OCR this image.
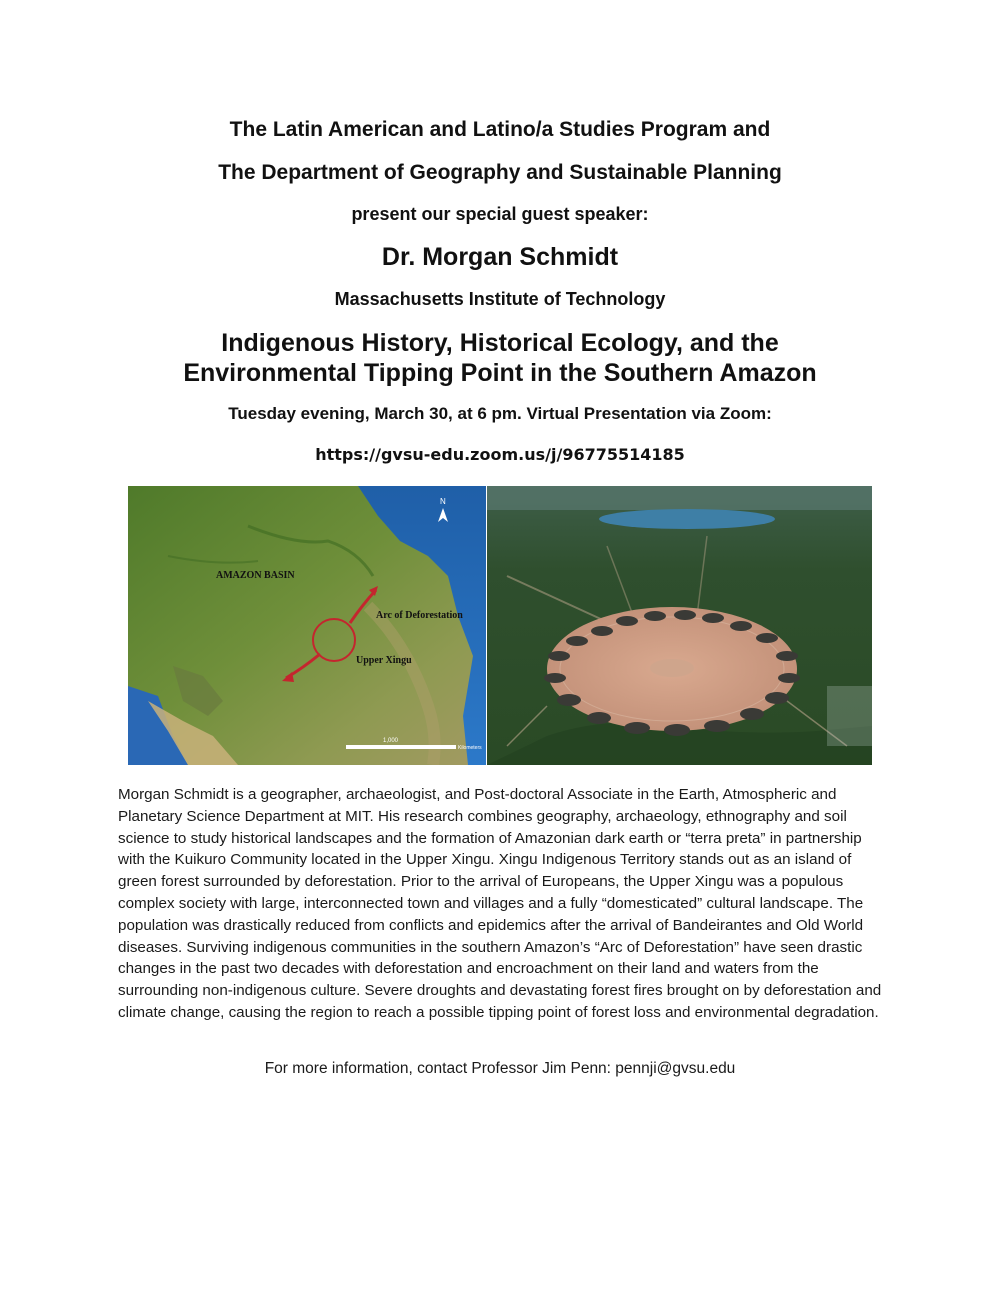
The Latin American and Latino/a Studies Program and
The Department of Geography and Sustainable Planning
present our special guest speaker:
Dr. Morgan Schmidt
Massachusetts Institute of Technology
Indigenous History, Historical Ecology, and the
Environmental Tipping Point in the Southern Amazon
Tuesday evening, March 30, at 6 pm. Virtual Presentation via Zoom:
https://gvsu-edu.zoom.us/j/96775514185
AMAZON BASIN
Arc of Deforestation
Upper Xingu
N
1,000
Kilometers
Morgan Schmidt is a geographer, archaeologist, and Post-doctoral Associate in the Earth, Atmospheric and Planetary Science Department at MIT. His research combines geography, archaeology, ethnography and soil science to study historical landscapes and the formation of Amazonian dark earth or “terra preta” in partnership with the Kuikuro Community located in the Upper Xingu. Xingu Indigenous Territory stands out as an island of green forest surrounded by deforestation. Prior to the arrival of Europeans, the Upper Xingu was a populous complex society with large, interconnected town and villages and a fully “domesticated” cultural landscape. The population was drastically reduced from conflicts and epidemics after the arrival of Bandeirantes and Old World diseases. Surviving indigenous communities in the southern Amazon’s “Arc of Deforestation” have seen drastic changes in the past two decades with deforestation and encroachment on their land and waters from the surrounding non-indigenous culture. Severe droughts and devastating forest fires brought on by deforestation and climate change, causing the region to reach a possible tipping point of forest loss and environmental degradation.
For more information, contact Professor Jim Penn: pennji@gvsu.edu
